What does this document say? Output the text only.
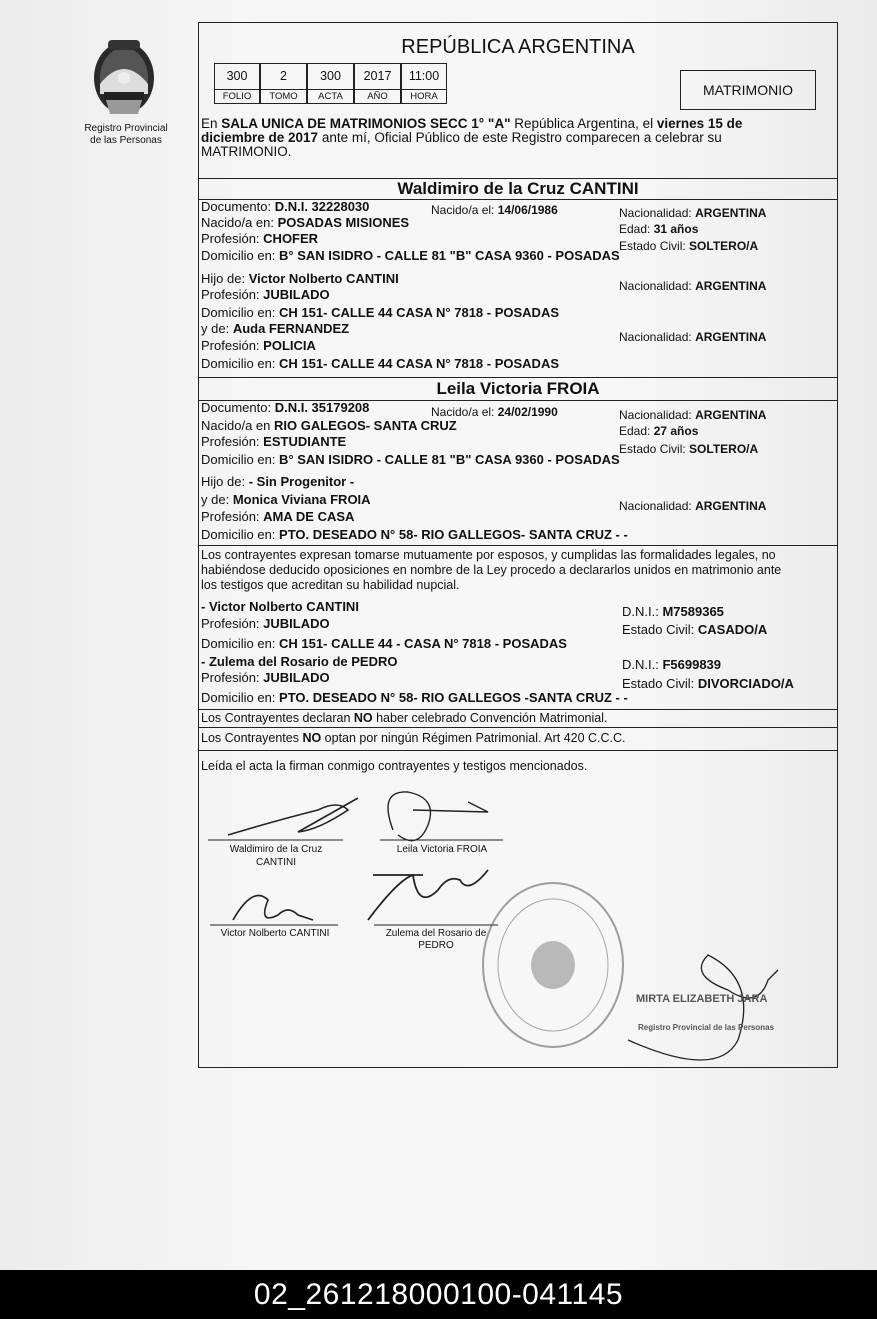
Registro Provincial
de las Personas
REPÚBLICA ARGENTINA
300
FOLIO
2
TOMO
300
ACTA
2017
AÑO
11:00
HORA	MATRIMONIO
En SALA UNICA DE MATRIMONIOS SECC 1° "A" República Argentina, el viernes 15 de
diciembre de 2017 ante mí, Oficial Público de este Registro comparecen a celebrar su
MATRIMONIO.
Waldimiro de la Cruz CANTINI
Documento: D.N.I. 32228030	Nacido/a el: 14/06/1986	Nacionalidad: ARGENTINA
Nacido/a en: POSADAS MISIONES	Edad: 31 años
Profesión: CHOFER	Estado Civil: SOLTERO/A
Domicilio en: B° SAN ISIDRO - CALLE 81 "B" CASA 9360 - POSADAS
Hijo de: Victor Nolberto CANTINI	Nacionalidad: ARGENTINA
Profesión: JUBILADO
Domicilio en: CH 151- CALLE 44 CASA N° 7818 - POSADAS
y de: Auda FERNANDEZ
Nacionalidad: ARGENTINA
Profesión: POLICIA
Domicilio en: CH 151- CALLE 44 CASA N° 7818 - POSADAS
Leila Victoria FROIA
Documento: D.N.I. 35179208	Nacido/a el: 24/02/1990	Nacionalidad: ARGENTINA
Nacido/a en RIO GALEGOS- SANTA CRUZ	Edad: 27 años
Profesión: ESTUDIANTE	Estado Civil: SOLTERO/A
Domicilio en: B° SAN ISIDRO - CALLE 81 "B" CASA 9360 - POSADAS
Hijo de: - Sin Progenitor -
y de: Monica Viviana FROIA	Nacionalidad: ARGENTINA
Profesión: AMA DE CASA
Domicilio en: PTO. DESEADO N° 58- RIO GALLEGOS- SANTA CRUZ - -
Los contrayentes expresan tomarse mutuamente por esposos, y cumplidas las formalidades legales, no
habiéndose deducido oposiciones en nombre de la Ley procedo a declararlos unidos en matrimonio ante
los testigos que acreditan su habilidad nupcial.
- Victor Nolberto CANTINI	D.N.I.: M7589365
Profesión: JUBILADO	Estado Civil: CASADO/A
Domicilio en: CH 151- CALLE 44 - CASA N° 7818 - POSADAS
- Zulema del Rosario de PEDRO	D.N.I.: F5699839
Profesión: JUBILADO	Estado Civil: DIVORCIADO/A
Domicilio en: PTO. DESEADO N° 58- RIO GALLEGOS -SANTA CRUZ - -
Los Contrayentes declaran NO haber celebrado Convención Matrimonial.
Los Contrayentes NO optan por ningún Régimen Patrimonial. Art 420 C.C.C.
Leída el acta la firman conmigo contrayentes y testigos mencionados.
Waldimiro de la Cruz
CANTINI
Leila Victoria FROIA
Victor Nolberto CANTINI	Zulema del Rosario de
PEDRO
MIRTA ELIZABETH JARA
Registro Provincial de las Personas
02_261218000100-041145
